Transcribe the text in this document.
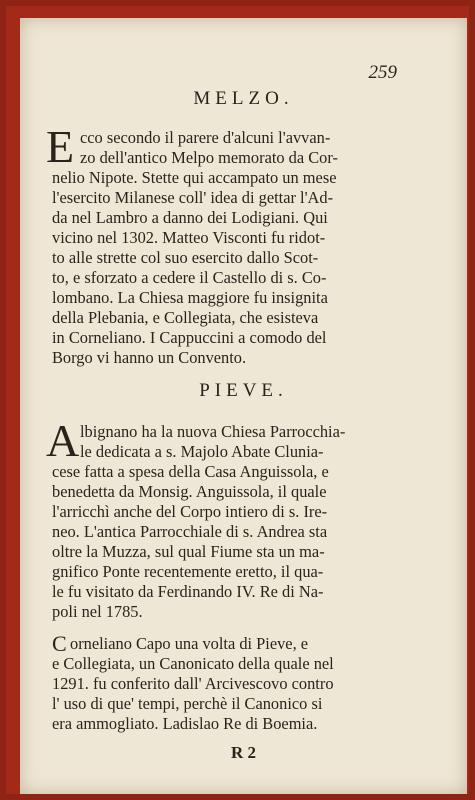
259
MELZO.
E cco secondo il parere d'alcuni l'avvan-
zo dell'antico Melpo memorato da Cor-
nelio Nipote. Stette qui accampato un mese
l'esercito Milanese coll' idea di gettar l'Ad-
da nel Lambro a danno dei Lodigiani. Qui
vicino nel 1302. Matteo Visconti fu ridot-
to alle strette col suo esercito dallo Scot-
to, e sforzato a cedere il Castello di s. Co-
lombano. La Chiesa maggiore fu insignita
della Plebania, e Collegiata, che esisteva
in Corneliano. I Cappuccini a comodo del
Borgo vi hanno un Convento.
PIEVE.
A lbignano ha la nuova Chiesa Parrocchia-
le dedicata a s. Majolo Abate Clunia-
cese fatta a spesa della Casa Anguissola, e
benedetta da Monsig. Anguissola, il quale
l'arricchì anche del Corpo intiero di s. Ire-
neo. L'antica Parrocchiale di s. Andrea sta
oltre la Muzza, sul qual Fiume sta un ma-
gnifico Ponte recentemente eretto, il qua-
le fu visitato da Ferdinando IV. Re di Na-
poli nel 1785.
C orneliano Capo una volta di Pieve, e
e Collegiata, un Canonicato della quale nel
1291. fu conferito dall' Arcivescovo contro
l' uso di que' tempi, perchè il Canonico si
era ammogliato. Ladislao Re di Boemia.
R 2
